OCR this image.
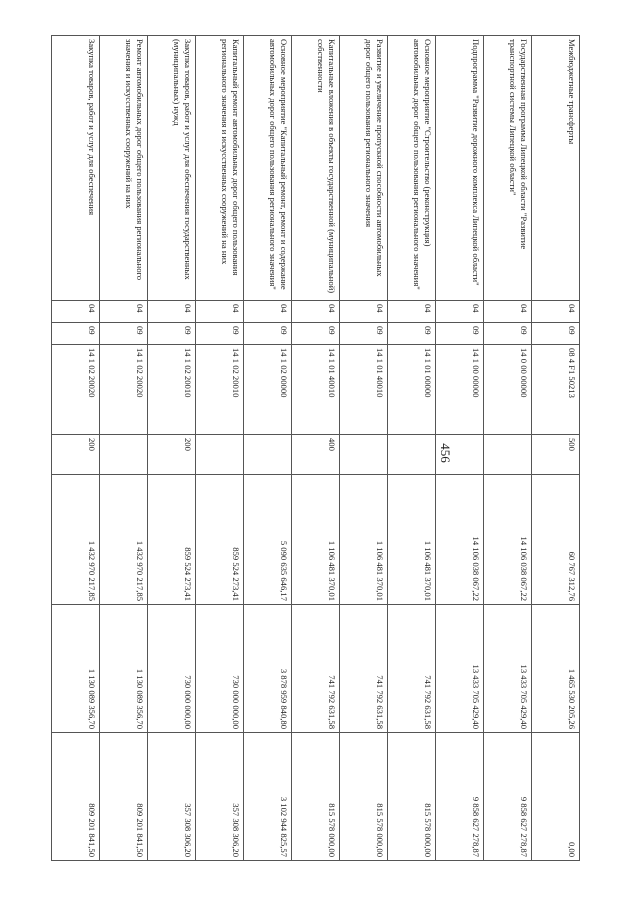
456
Межбюджетные трансферты	04	09	08 4 F1 50213	500	60 767 312,76	1 465 530 205,26	0,00
Государственная программа Липецкой области "Развитие транспортной системы Липецкой области"	04	09	14 0 00 00000		14 106 038 067,22	13 433 705 429,40	9 858 627 278,87
Подпрограмма "Развитие дорожного комплекса Липецкой области"	04	09	14 1 00 00000		14 106 038 067,22	13 433 705 429,40	9 858 627 278,87
Основное мероприятие "Строительство (реконструкция) автомобильных дорог общего пользования регионального значения"	04	09	14 1 01 00000		1 106 481 370,01	741 792 631,58	815 578 000,00
Развитие и увеличение пропускной способности автомобильных дорог общего пользования регионального значения	04	09	14 1 01 40010		1 106 481 370,01	741 792 631,58	815 578 000,00
Капитальные вложения в объекты государственной (муниципальной) собственности	04	09	14 1 01 40010	400	1 106 481 370,01	741 792 631,58	815 578 000,00
Основное мероприятие "Капитальный ремонт, ремонт и содержание автомобильных дорог общего пользования регионального значения"	04	09	14 1 02 00000		5 090 635 646,17	3 878 959 840,80	3 102 944 825,57
Капитальный ремонт автомобильных дорог общего пользования регионального значения и искусственных сооружений на них	04	09	14 1 02 20010		859 524 273,41	730 000 000,00	357 308 306,20
Закупка товаров, работ и услуг для обеспечения государственных (муниципальных) нужд	04	09	14 1 02 20010	200	859 524 273,41	730 000 000,00	357 308 306,20
Ремонт автомобильных дорог общего пользования регионального значения и искусственных сооружений на них	04	09	14 1 02 20020		1 432 970 217,85	1 130 089 356,70	809 201 841,50
Закупка товаров, работ и услуг для обеспечения	04	09	14 1 02 20020	200	1 432 970 217,85	1 130 089 356,70	809 201 841,50
